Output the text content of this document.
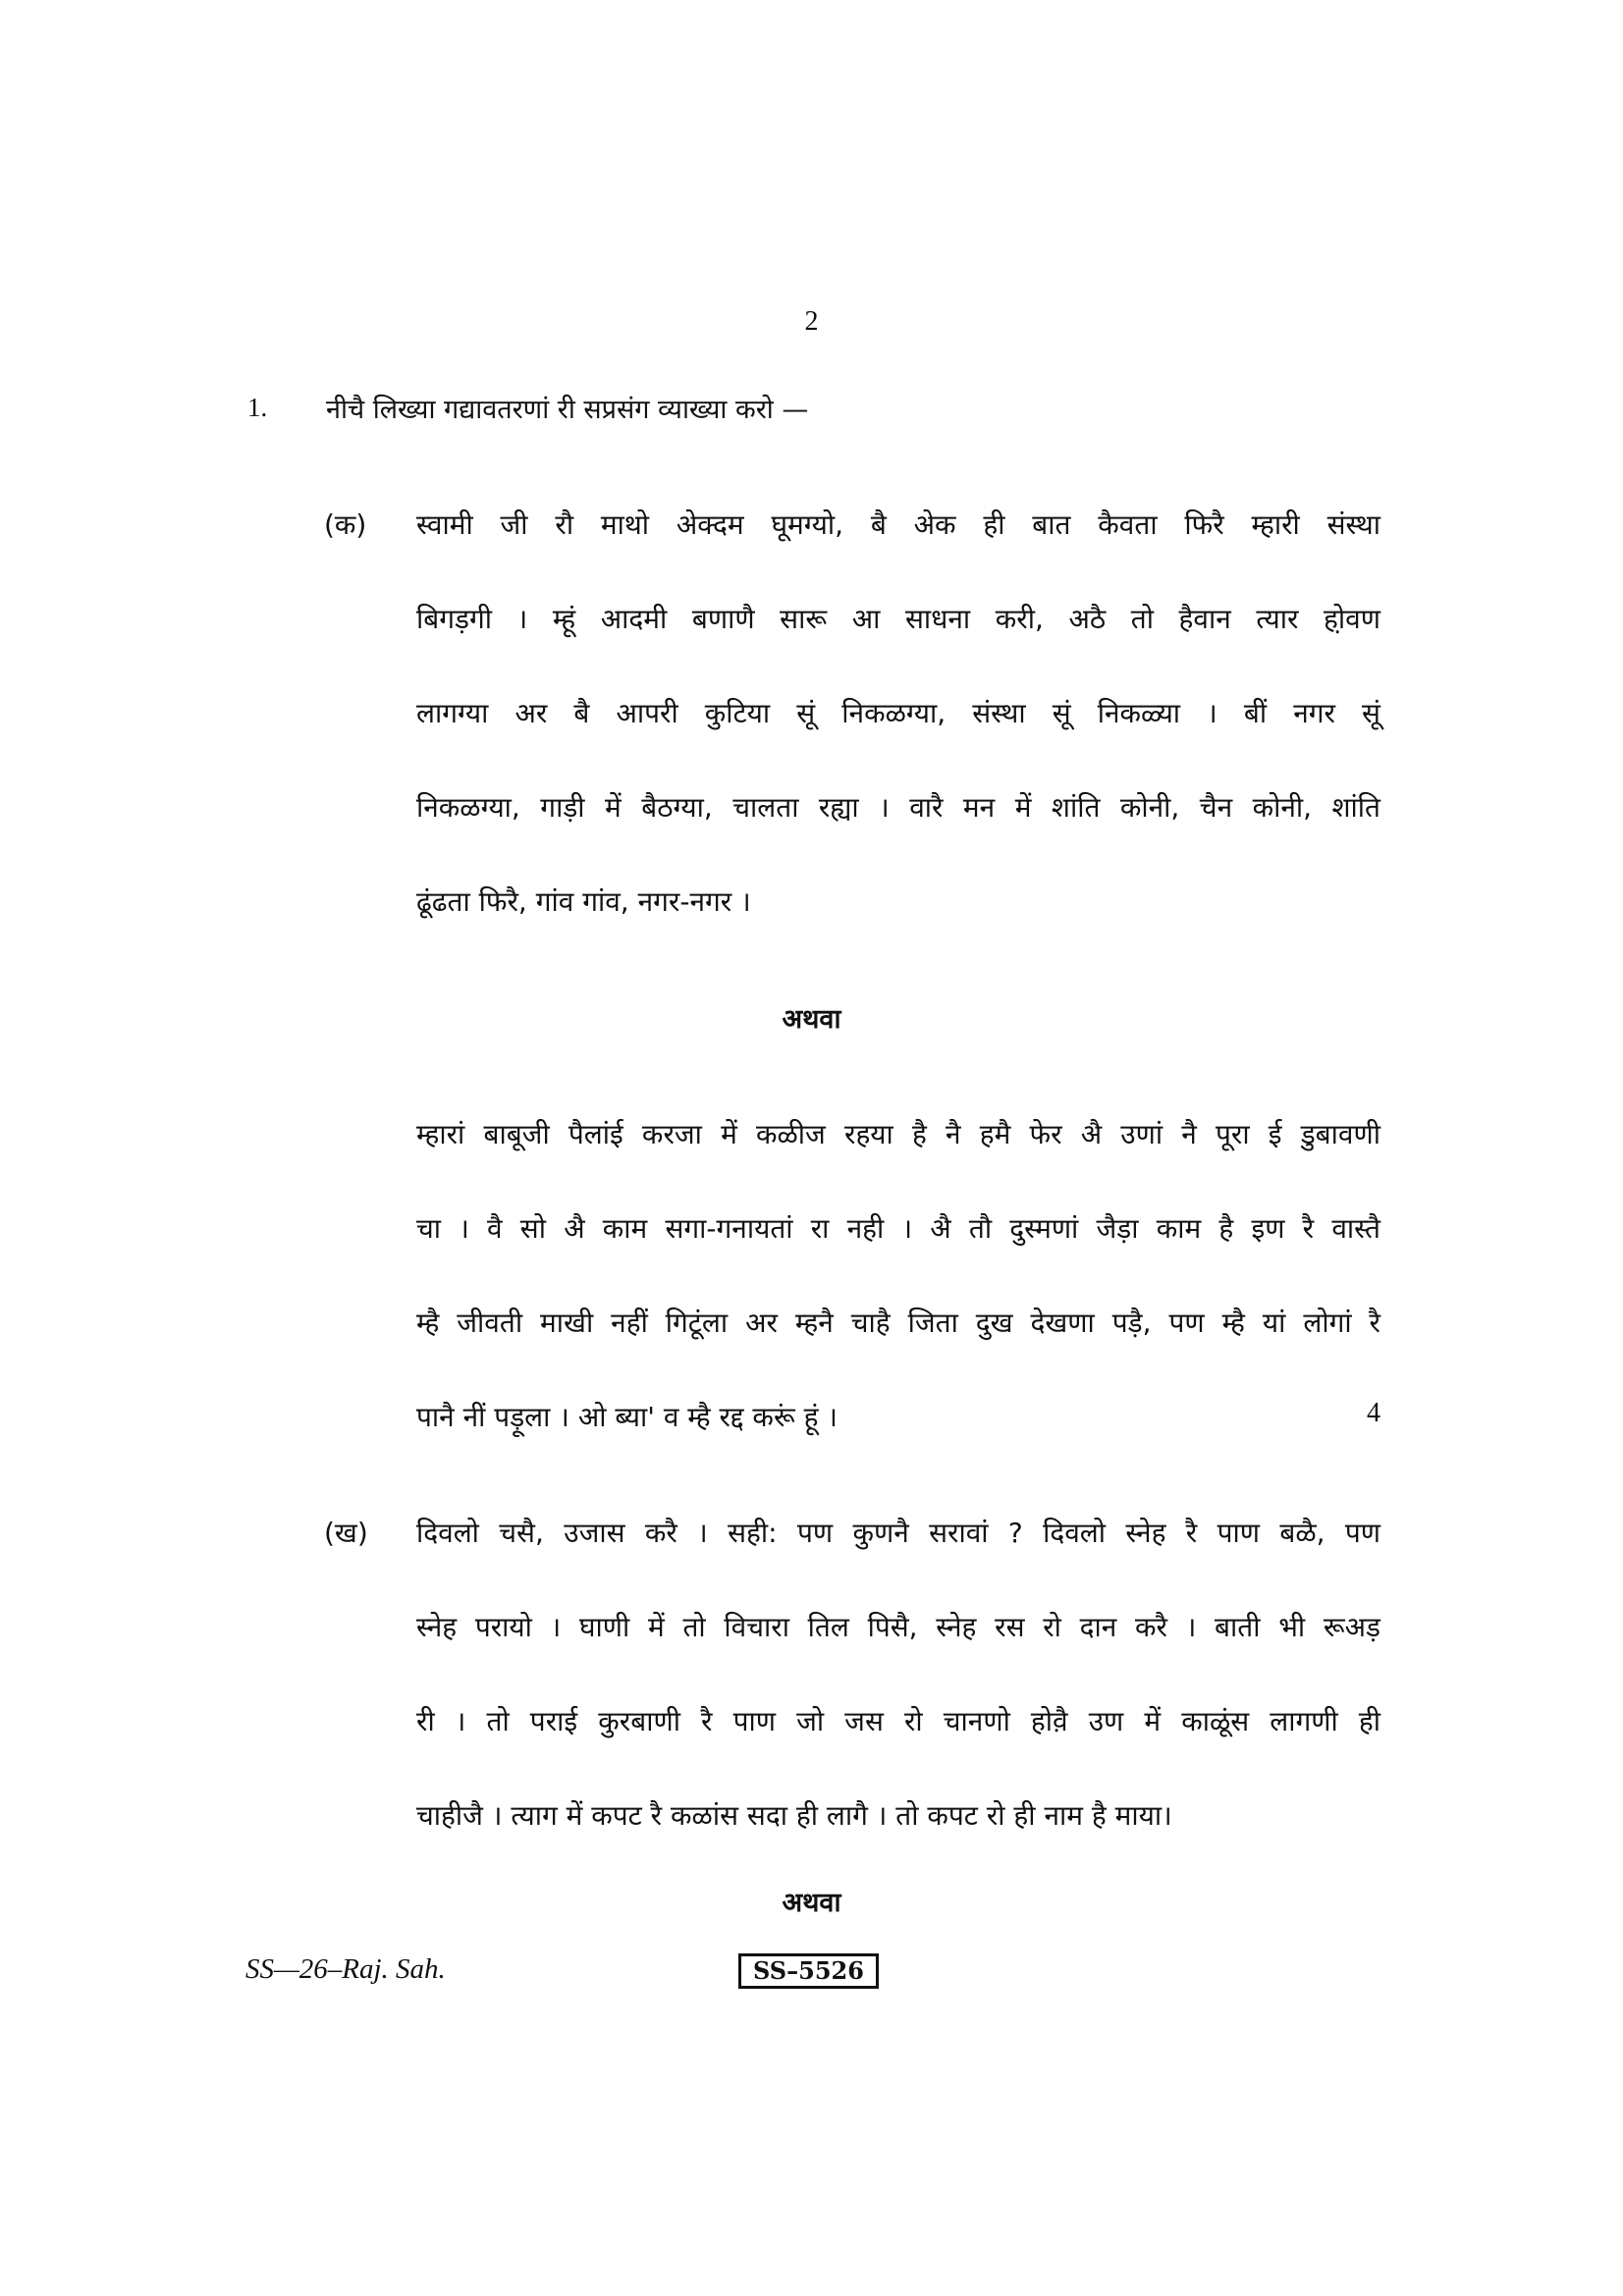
2
1. नीचै लिख्या गद्यावतरणां री सप्रसंग व्याख्या करो —
(क) स्वामी जी रौ माथो अेक्दम घूमग्यो, बै अेक ही बात कैवता फिरै म्हारी संस्था
बिगड़गी । म्हूं आदमी बणाणै सारू आ साधना करी, अठै तो हैवान त्यार हो़वण
लागग्या अर बै आपरी कुटिया सूं निकळग्या, संस्था सूं निकळ्या । बीं नगर सूं
निकळग्या, गाड़ी में बैठग्या, चालता रह्या । वारै मन में शांति कोनी, चैन कोनी, शांति
ढूंढता फिरै, गांव गांव, नगर-नगर ।
अथवा
म्हारां बाबूजी पैलांई करजा में कळीज रहया है नै हमै फेर अै उणां नै पूरा ई डुबावणी
चा । वै सो अै काम सगा-गनायतां रा नही । अै तौ दुस्मणां जैड़ा काम है इण रै वास्तै
म्है जीवती माखी नहीं गिटूंला अर म्हनै चाहै जिता दुख देखणा पड़ै, पण म्है यां लोगां रै
पानै नीं पड़ूला । ओ ब्या' व म्है रद्द करूं हूं ।	4
(ख) दिवलो चसै, उजास करै । सही: पण कुणनै सरावां ? दिवलो स्नेह रै पाण बळै, पण
स्नेह परायो । घाणी में तो विचारा तिल पिसै, स्नेह रस रो दान करै । बाती भी रूअड़
री । तो पराई कुरबाणी रै पाण जो जस रो चानणो होवै़ उण में काळूंस लागणी ही
चाहीजै । त्याग में कपट रै कळांस सदा ही लागै । तो कपट रो ही नाम है माया।
अथवा
SS—26–Raj. Sah.	SS–5526
